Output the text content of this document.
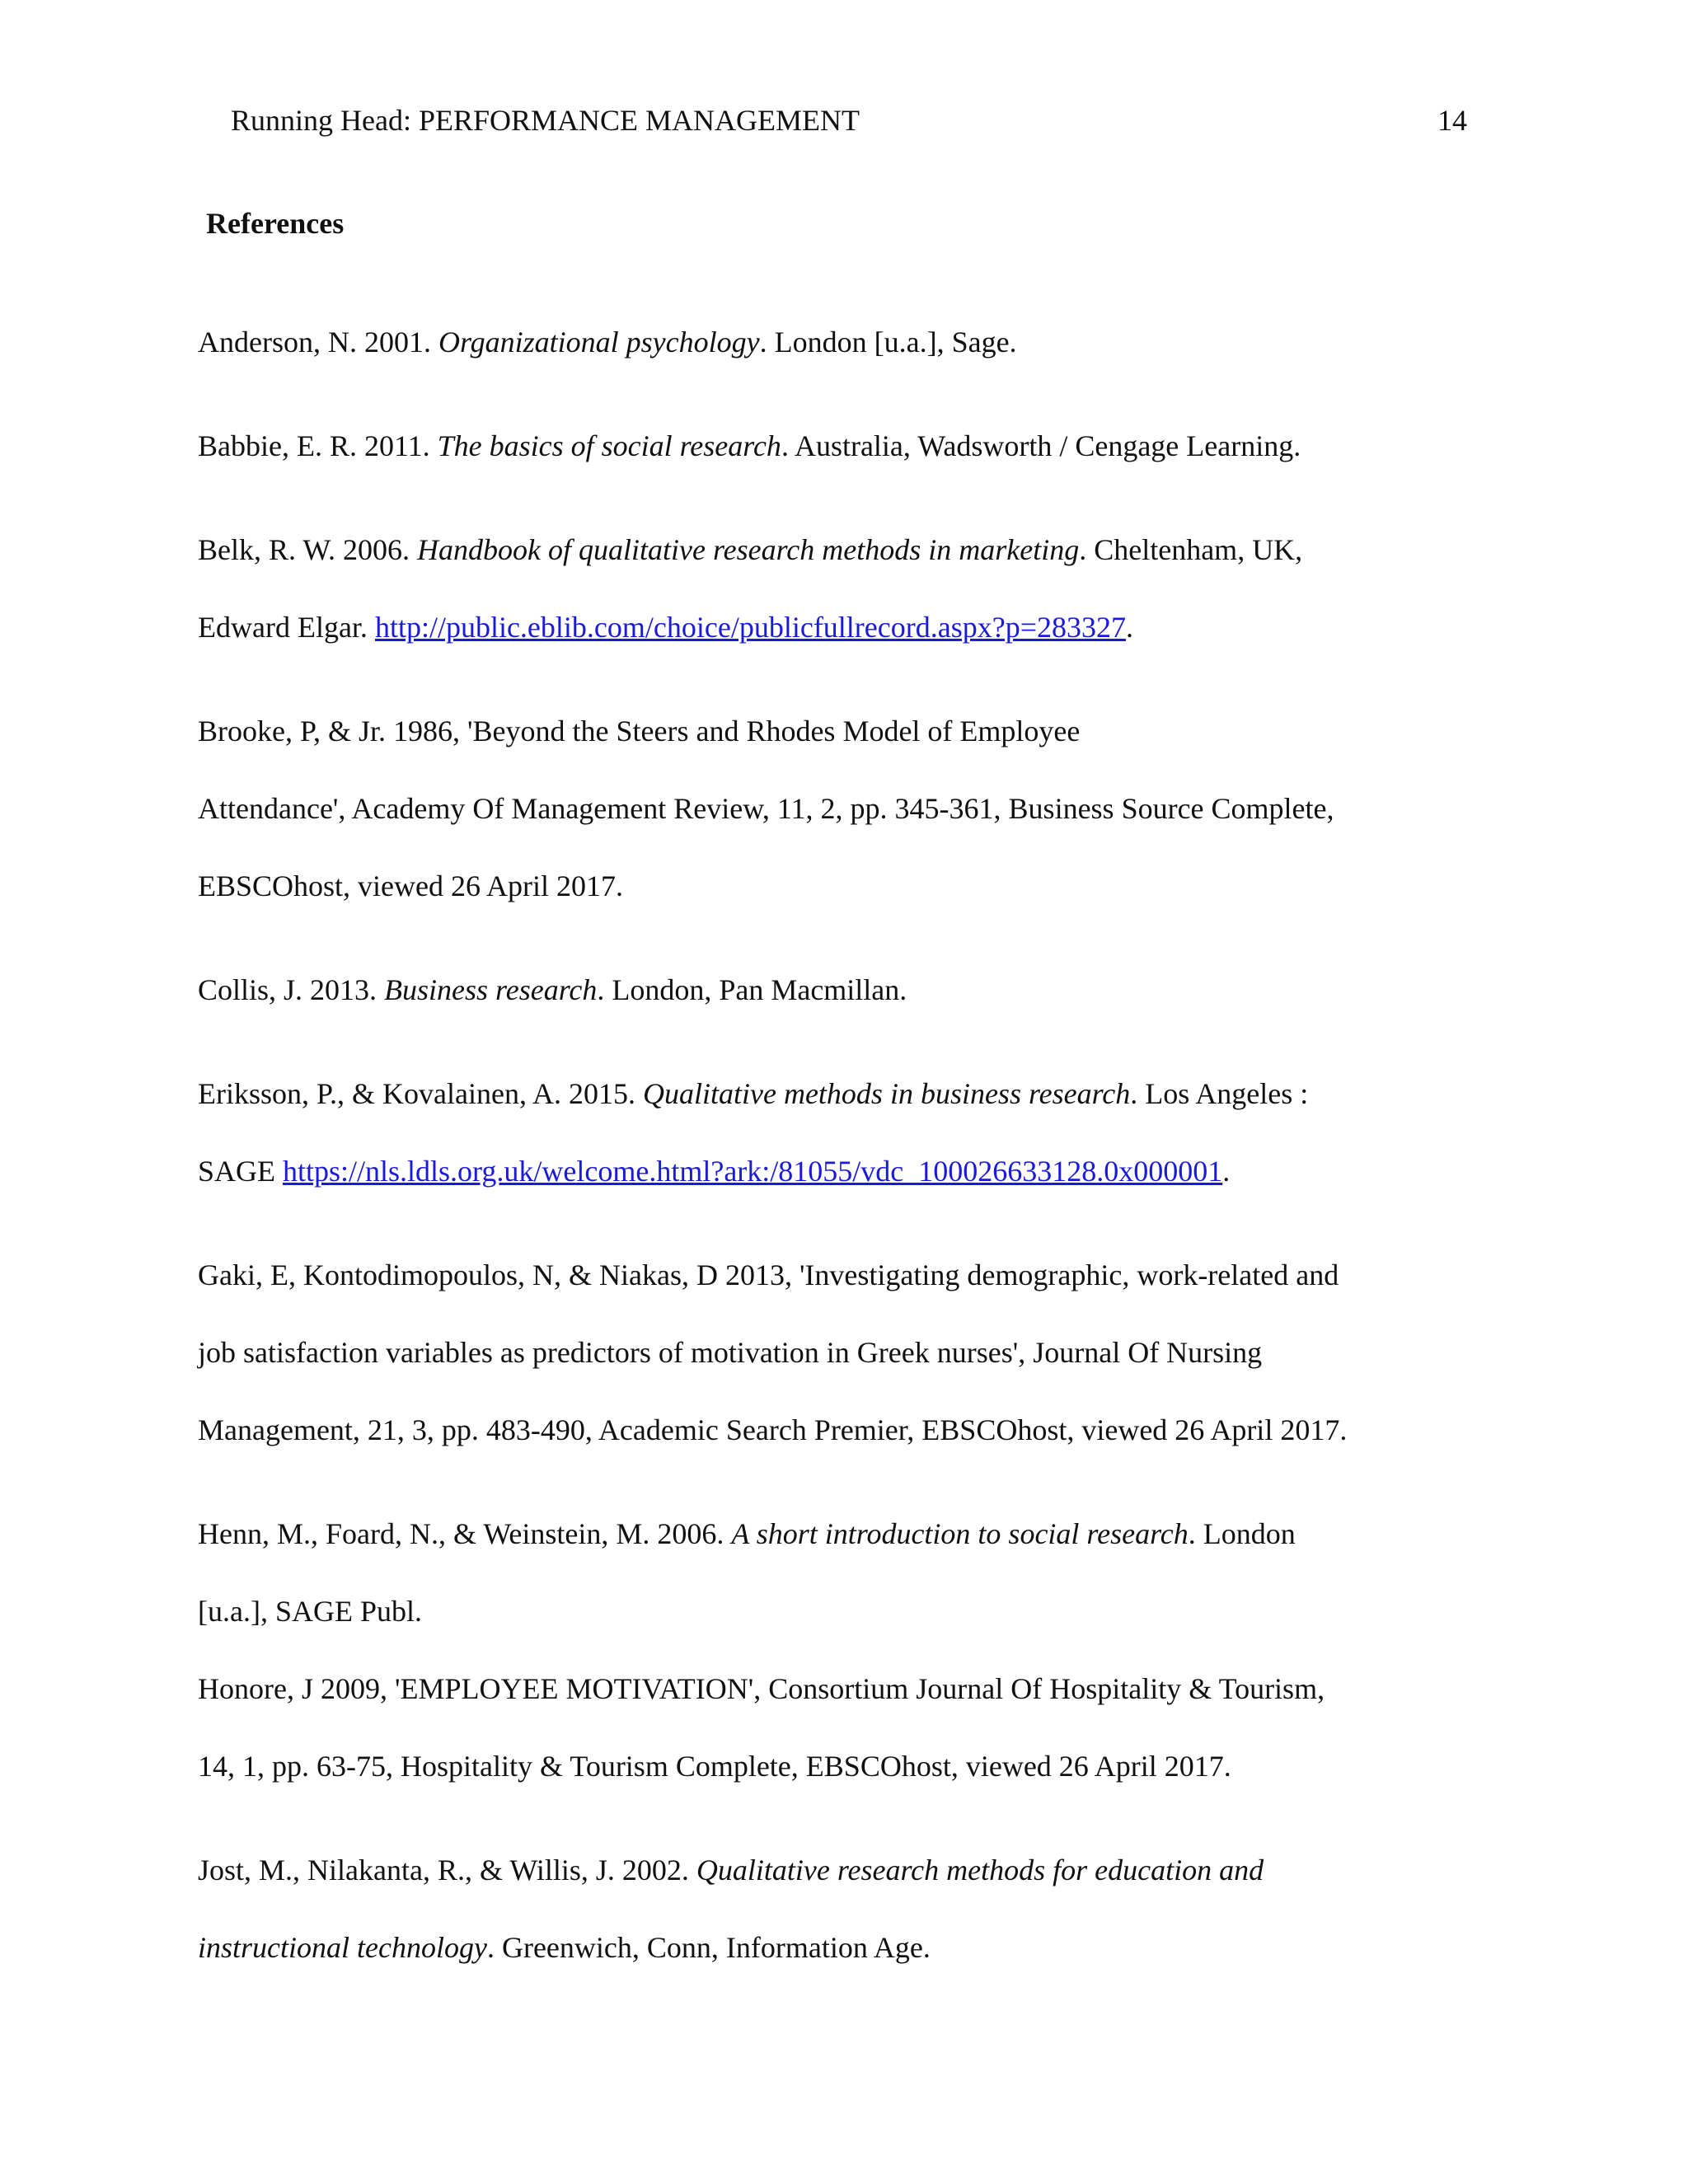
Running Head: PERFORMANCE MANAGEMENT	14
References
Anderson, N. 2001. Organizational psychology. London [u.a.], Sage.
Babbie, E. R. 2011. The basics of social research. Australia, Wadsworth / Cengage Learning.
Belk, R. W. 2006. Handbook of qualitative research methods in marketing. Cheltenham, UK,
Edward Elgar. http://public.eblib.com/choice/publicfullrecord.aspx?p=283327.
Brooke, P, & Jr. 1986, 'Beyond the Steers and Rhodes Model of Employee
Attendance', Academy Of Management Review, 11, 2, pp. 345-361, Business Source Complete,
EBSCOhost, viewed 26 April 2017.
Collis, J. 2013. Business research. London, Pan Macmillan.
Eriksson, P., & Kovalainen, A. 2015. Qualitative methods in business research. Los Angeles :
SAGE https://nls.ldls.org.uk/welcome.html?ark:/81055/vdc_100026633128.0x000001.
Gaki, E, Kontodimopoulos, N, & Niakas, D 2013, 'Investigating demographic, work-related and
job satisfaction variables as predictors of motivation in Greek nurses', Journal Of Nursing
Management, 21, 3, pp. 483-490, Academic Search Premier, EBSCOhost, viewed 26 April 2017.
Henn, M., Foard, N., & Weinstein, M. 2006. A short introduction to social research. London
[u.a.], SAGE Publ.
Honore, J 2009, 'EMPLOYEE MOTIVATION', Consortium Journal Of Hospitality & Tourism,
14, 1, pp. 63-75, Hospitality & Tourism Complete, EBSCOhost, viewed 26 April 2017.
Jost, M., Nilakanta, R., & Willis, J. 2002. Qualitative research methods for education and
instructional technology. Greenwich, Conn, Information Age.
